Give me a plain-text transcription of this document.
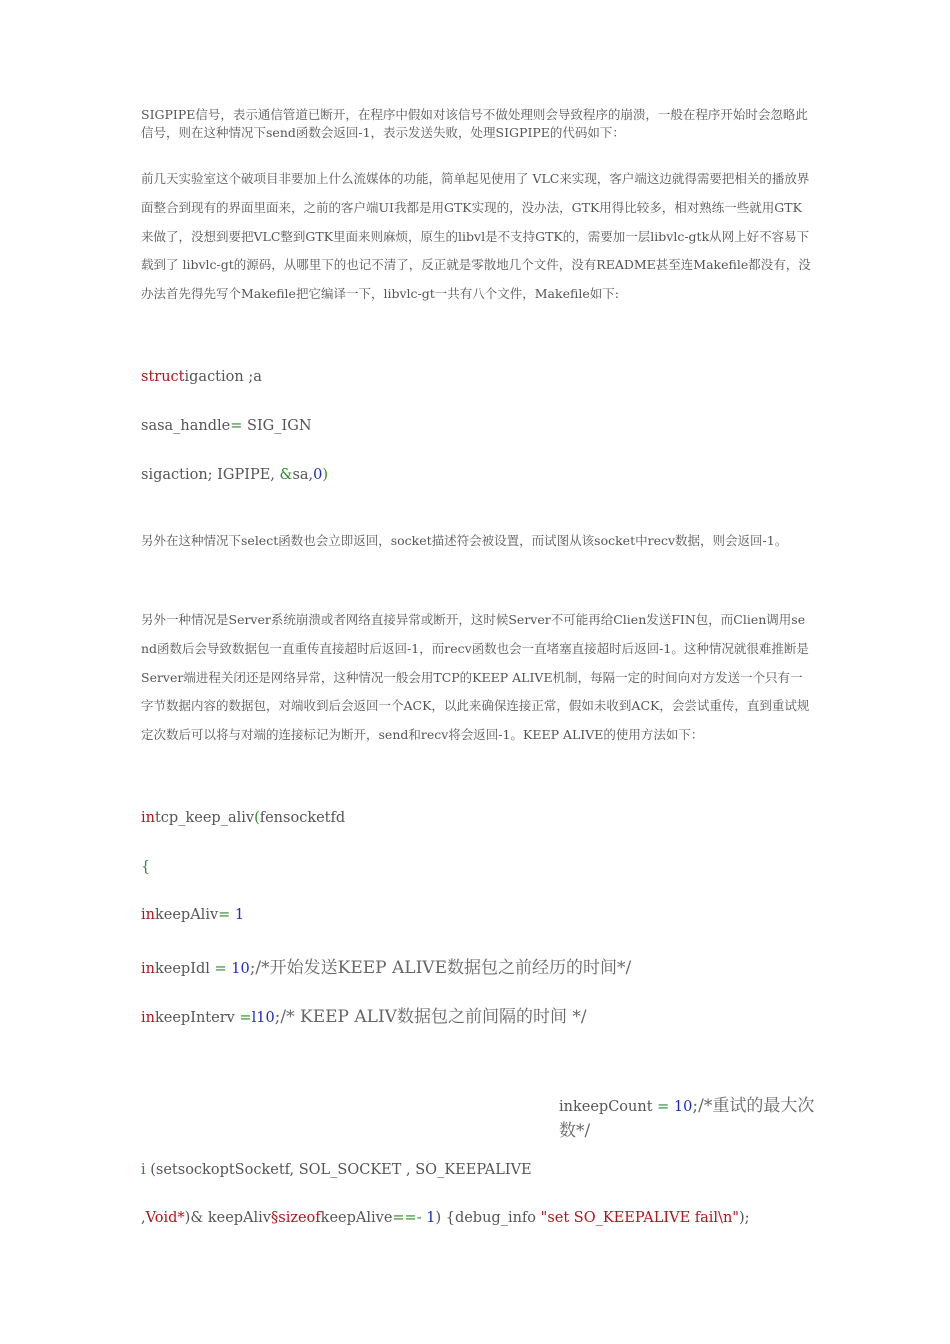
SIGPIPE信号，表示通信管道已断开，在程序中假如对该信号不做处理则会导致程序的崩溃，一般在程序开始时会忽略此信号，则在这种情况下send函数会返回-1，表示发送失败，处理SIGPIPE的代码如下：

前几天实验室这个破项目非要加上什么流媒体的功能，简单起见使用了 VLC来实现，客户端这边就得需要把相关的播放界面整合到现有的界面里面来，之前的客户端UI我都是用GTK实现的，没办法，GTK用得比较多，相对熟练一些就用GTK来做了，没想到要把VLC整到GTK里面来则麻烦，原生的libvl是不支持GTK的，需要加一层libvlc-gtk从网上好不容易下载到了 libvlc-gt的源码，从哪里下的也记不清了，反正就是零散地几个文件，没有README甚至连Makefile都没有，没办法首先得先写个Makefile把它编译一下，libvlc-gt一共有八个文件，Makefile如下:

structigaction ;a
sasa_handle= SIG_IGN
sigaction; IGPIPE, &sa,0)

另外在这种情况下select函数也会立即返回，socket描述符会被设置，而试图从该socket中recv数据，则会返回-1。

另外一种情况是Server系统崩溃或者网络直接异常或断开，这时候Server不可能再给Clien发送FIN包，而Clien调用send函数后会导致数据包一直重传直接超时后返回-1，而recv函数也会一直堵塞直接超时后返回-1。这种情况就很难推断是Server端进程关闭还是网络异常，这种情况一般会用TCP的KEEP ALIVE机制，每隔一定的时间向对方发送一个只有一字节数据内容的数据包，对端收到后会返回一个ACK，以此来确保连接正常，假如未收到ACK，会尝试重传，直到重试规定次数后可以将与对端的连接标记为断开，send和recv将会返回-1。KEEP ALIVE的使用方法如下：

intcp_keep_aliv(fensocketfd
{
inkeepAliv= 1
inkeepIdl = 10;/*开始发送KEEP ALIVE数据包之前经历的时间*/
inkeepInterv =l10;/* KEEP ALIV数据包之前间隔的时间 */
inkeepCount = 10;/*重试的最大次数*/
i (setsockoptSocketf, SOL_SOCKET , SO_KEEPALIVE
,Void*)& keepAliv§sizeofkeepAlive==- 1) {debug_info "set SO_KEEPALIVE fail\n");
